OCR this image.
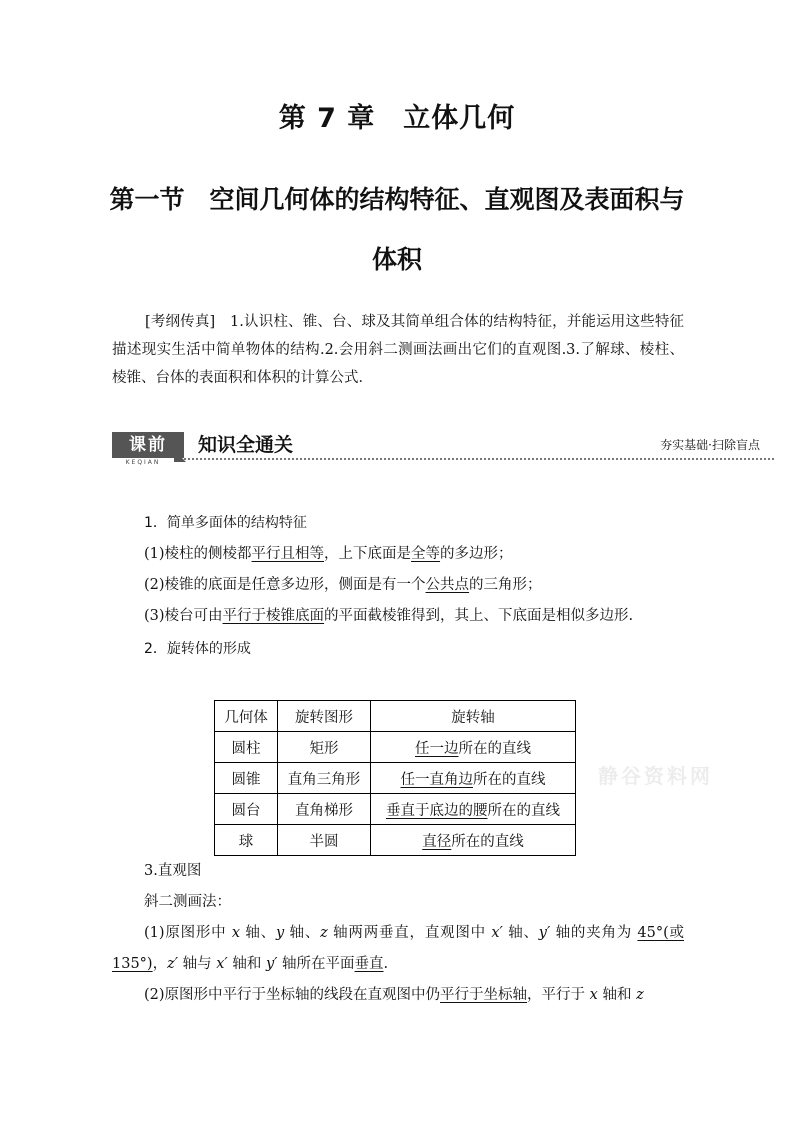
第 7 章　立体几何
第一节　空间几何体的结构特征、直观图及表面积与体积
[考纲传真]　1.认识柱、锥、台、球及其简单组合体的结构特征，并能运用这些特征描述现实生活中简单物体的结构.2.会用斜二测画法画出它们的直观图.3.了解球、棱柱、棱锥、台体的表面积和体积的计算公式．
课前
KEQIAN
知识全通关	夯实基础·扫除盲点
1．简单多面体的结构特征
(1)棱柱的侧棱都平行且相等，上下底面是全等的多边形；
(2)棱锥的底面是任意多边形，侧面是有一个公共点的三角形；
(3)棱台可由平行于棱锥底面的平面截棱锥得到，其上、下底面是相似多边形.
2．旋转体的形成
几何体	旋转图形	旋转轴
圆柱	矩形	任一边所在的直线
圆锥	直角三角形	任一直角边所在的直线
圆台	直角梯形	垂直于底边的腰所在的直线
球	半圆	直径所在的直线
静谷资料网
3.直观图
斜二测画法：
(1)原图形中 x 轴、y 轴、z 轴两两垂直，直观图中 x′ 轴、y′ 轴的夹角为 45°(或135°)，z′ 轴与 x′ 轴和 y′ 轴所在平面垂直.
(2)原图形中平行于坐标轴的线段在直观图中仍平行于坐标轴，平行于 x 轴和 z
